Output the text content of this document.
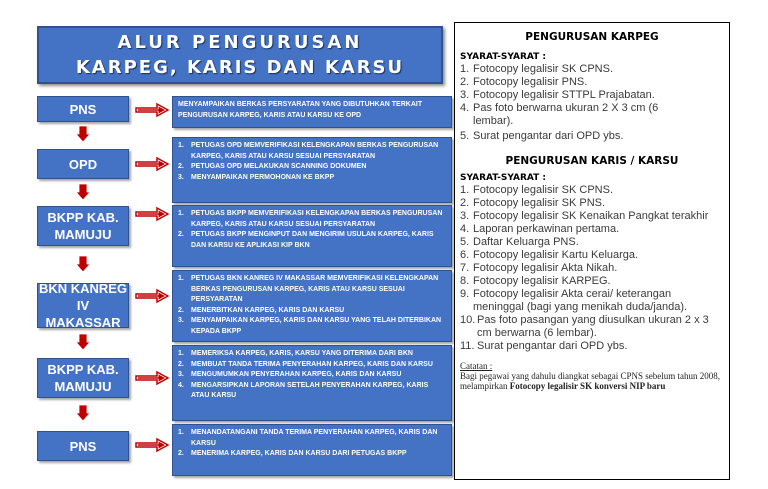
ALUR PENGURUSAN
KARPEG, KARIS DAN KARSU
PNS	MENYAMPAIKAN BERKAS PERSYARATAN YANG DIBUTUHKAN TERKAIT PENGURUSAN KARPEG, KARIS ATAU KARSU KE OPD
OPD
1.	PETUGAS OPD MEMVERIFIKASI KELENGKAPAN BERKAS PENGURUSAN KARPEG, KARIS ATAU KARSU SESUAI PERSYARATAN
2.	PETUGAS OPD MELAKUKAN SCANNING DOKUMEN
3.	MENYAMPAIKAN PERMOHONAN KE BKPP
BKPP KAB. MAMUJU
1.	PETUGAS BKPP MEMVERIFIKASI KELENGKAPAN BERKAS PENGURUSAN KARPEG, KARIS ATAU KARSU SESUAI PERSYARATAN
2.	PETUGAS BKPP MENGINPUT DAN MENGIRIM USULAN KARPEG, KARIS DAN KARSU KE APLIKASI KIP BKN
BKN KANREG IV MAKASSAR
1.	PETUGAS BKN KANREG IV MAKASSAR MEMVERIFIKASI KELENGKAPAN BERKAS PENGURUSAN KARPEG, KARIS ATAU KARSU SESUAI PERSYARATAN
2.	MENERBITKAN KARPEG, KARIS DAN KARSU
3.	MENYAMPAIKAN KARPEG, KARIS DAN KARSU YANG TELAH DITERBIKAN KEPADA BKPP
BKPP KAB. MAMUJU
1.	MEMERIKSA KARPEG, KARIS, KARSU YANG DITERIMA DARI BKN
2.	MEMBUAT TANDA TERIMA PENYERAHAN KARPEG, KARIS DAN KARSU
3.	MENGUMUMKAN PENYERAHAN KARPEG, KARIS DAN KARSU
4.	MENGARSIPKAN LAPORAN SETELAH PENYERAHAN KARPEG, KARIS ATAU KARSU
PNS
1.	MENANDATANGANI TANDA TERIMA PENYERAHAN KARPEG, KARIS DAN KARSU
2.	MENERIMA KARPEG, KARIS DAN KARSU DARI PETUGAS BKPP
PENGURUSAN KARPEG
SYARAT-SYARAT :
1. Fotocopy legalisir SK CPNS.
2. Fotocopy legalisir PNS.
3. Fotocopy legalisir STTPL Prajabatan.
4. Pas foto berwarna ukuran 2 X 3 cm (6 lembar).
5. Surat pengantar dari OPD ybs.
PENGURUSAN KARIS / KARSU
SYARAT-SYARAT :
1. Fotocopy legalisir SK CPNS.
2. Fotocopy legalisir SK PNS.
3. Fotocopy legalisir SK Kenaikan Pangkat terakhir
4. Laporan perkawinan pertama.
5. Daftar Keluarga PNS.
6. Fotocopy legalisir Kartu Keluarga.
7. Fotocopy legalisir Akta Nikah.
8. Fotocopy legalisir KARPEG.
9. Fotocopy legalisir Akta cerai/ keterangan meninggal (bagi yang menikah duda/janda).
10. Pas foto pasangan yang diusulkan ukuran 2 x 3 cm berwarna (6 lembar).
11. Surat pengantar dari OPD ybs.
Catatan :
Bagi pegawai yang dahulu diangkat sebagai CPNS sebelum tahun 2008, melampirkan Fotocopy legalisir SK konversi NIP baru
